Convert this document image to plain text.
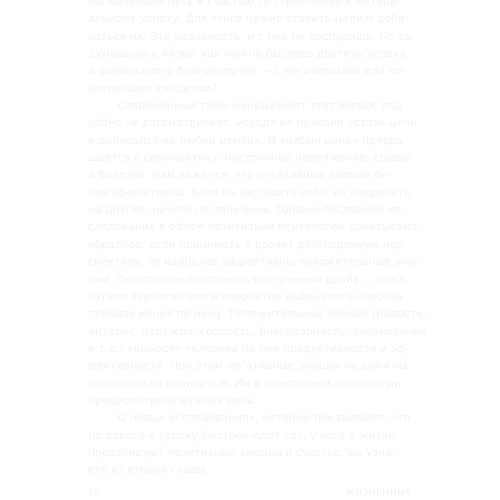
мы начинаем путь к счастью со стремления к матери-
альному успеху. Для этого нужно ставить цели и доби-
ваться их. Это реальность, и с ней не поспоришь. Но за-
думывались ли вы, как можно быстрее достичь успеха
и финансового благополучия — с негативными или по-
зитивными эмоциями?
Современный тайм-менеджмент этот вопрос под-
робно не рассматривает, исходя из позиции «ставь цели
и добивайся их любой ценой». И «избыл цена» превра-
щается в самокритику, постоянное напряжение, срывы
и болезни. Нам кажется, что негативные эмоции бо-
лее эффективны. Если не заставить себя, не накричать
на других, ничего не получишь. Однако последние ис-
следования в сфере позитивной психологии доказывают
обратное: если принимать в расчет долгосрочную пер-
спективу, то наиболее эффективны положительные эмо-
ции. Позитивное состояние, внутренний драйв — пока-
затели верного пути и корректно выбранного способа
передвижения по нему. Положительные эмоции (радость,
интерес, надежда, гордость, благодарность, вдохновение
и т.д.) «вынося» человека на пик продуктивности и эф-
фективности. При этом негативные эмоции не должны
исключаться полностью. Им в позитивной психологии
предусмотрена важная роль.
О новых исследованиях, которые показывают, что
по дороге к успеху быстрее идет тот, у кого в жизни
превалируют позитивные эмоции и счастье, вы узна-
ете из второй главы.
10	ЖИЗНЕННЫЕ
